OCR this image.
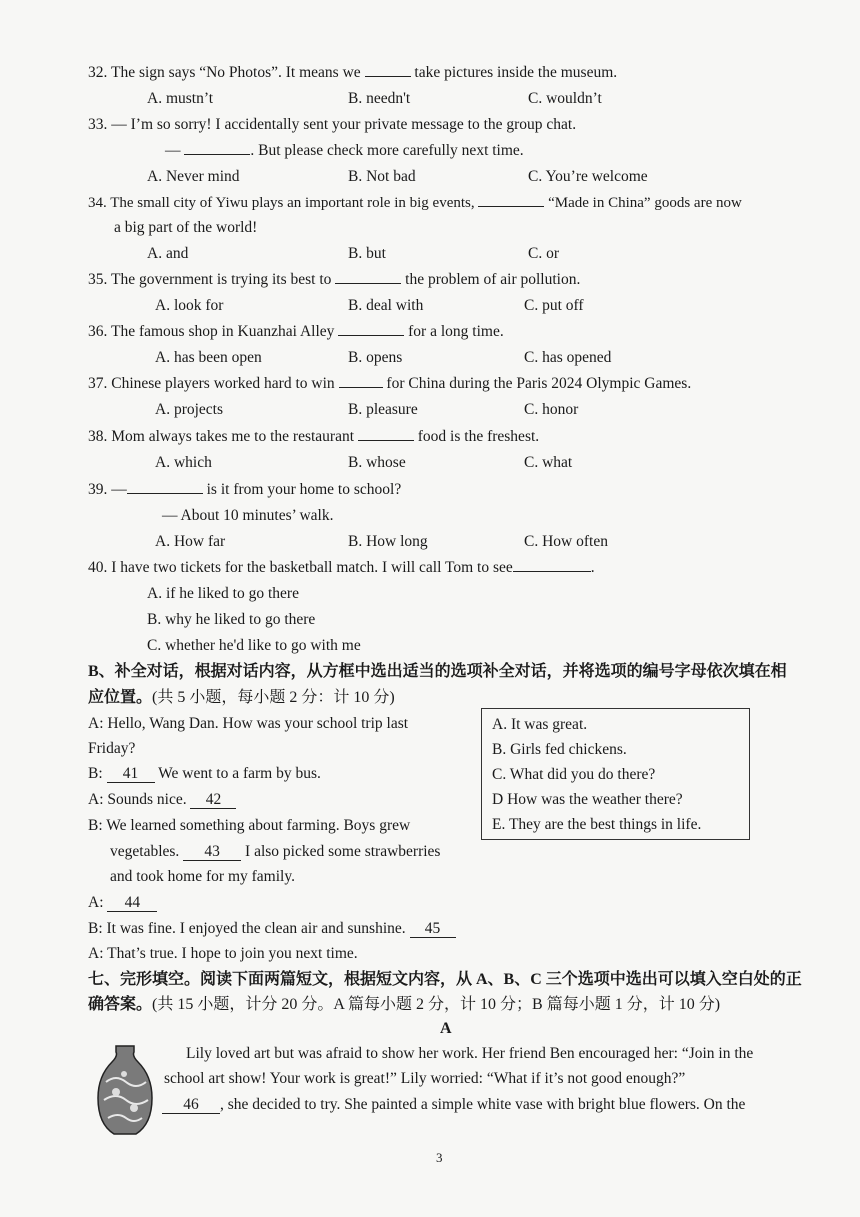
32. The sign says “No Photos”. It means we	take pictures inside the museum.
A. mustn’t	B. needn't	C. wouldn’t
33. — I’m so sorry! I accidentally sent your private message to the group chat.
—	. But please check more carefully next time.
A. Never mind	B. Not bad	C. You’re welcome
34. The small city of Yiwu plays an important role in big events,	“Made in China” goods are now
a big part of the world!
A. and	B. but	C. or
35. The government is trying its best to	the problem of air pollution.
A. look for	B. deal with	C. put off
36. The famous shop in Kuanzhai Alley	for a long time.
A. has been open	B. opens	C. has opened
37. Chinese players worked hard to win	for China during the Paris 2024 Olympic Games.
A. projects	B. pleasure	C. honor
38. Mom always takes me to the restaurant	food is the freshest.
A. which	B. whose	C. what
39. —	is it from your home to school?
— About 10 minutes’ walk.
A. How far	B. How long	C. How often
40. I have two tickets for the basketball match. I will call Tom to see	.
A. if he liked to go there
B. why he liked to go there
C. whether he'd like to go with me
B、补全对话，根据对话内容，从方框中选出适当的选项补全对话，并将选项的编号字母依次填在相
应位置。(共 5 小题，每小题 2 分：计 10 分)
A: Hello, Wang Dan. How was your school trip last
Friday?
B: 41 We went to a farm by bus.
A: Sounds nice. 42
B: We learned something about farming. Boys grew
vegetables. 43 I also picked some strawberries
and took home for my family.
A: 44
B: It was fine. I enjoyed the clean air and sunshine. 45
A: That’s true. I hope to join you next time.
A. It was great.
B. Girls fed chickens.
C. What did you do there?
D How was the weather there?
E. They are the best things in life.
七、完形填空。阅读下面两篇短文，根据短文内容，从 A、B、C 三个选项中选出可以填入空白处的正
确答案。(共 15 小题，计分 20 分。A 篇每小题 2 分，计 10 分；B 篇每小题 1 分，计 10 分)
A
Lily loved art but was afraid to show her work. Her friend Ben encouraged her: “Join in the
school art show! Your work is great!” Lily worried: “What if it’s not good enough?”
46 , she decided to try. She painted a simple white vase with bright blue flowers. On the
3
